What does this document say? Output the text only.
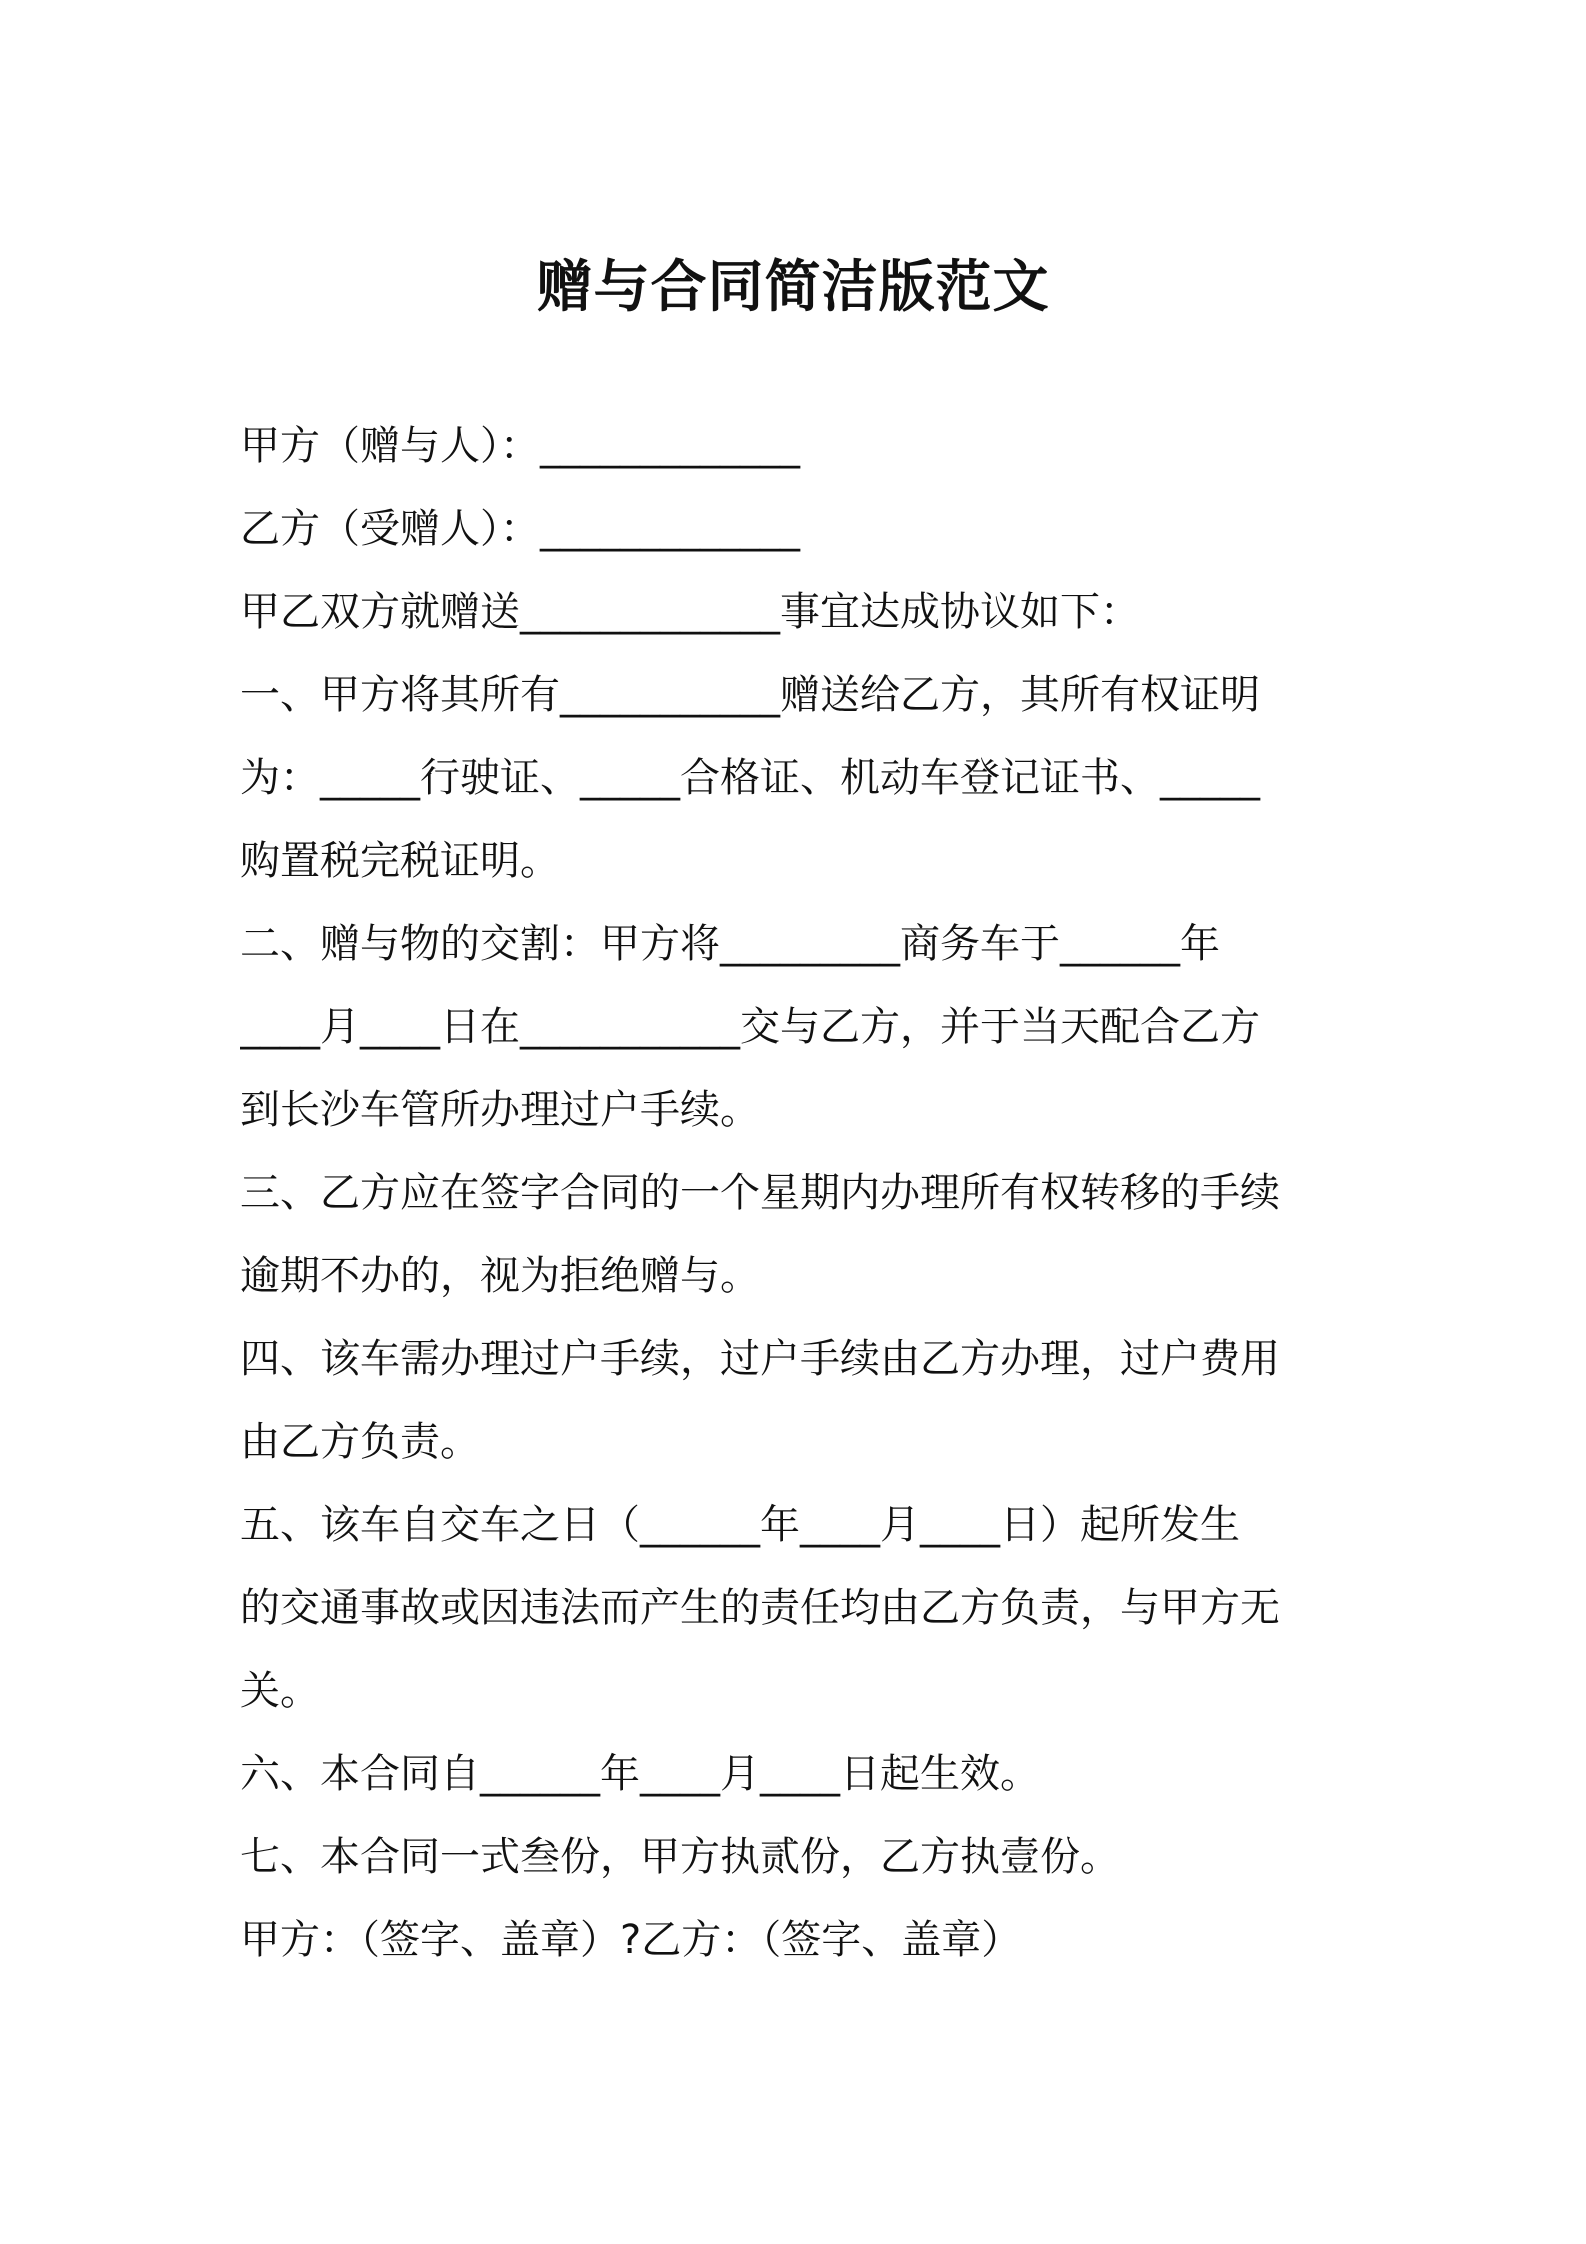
赠与合同简洁版范文
甲方（赠与人）：_____________
乙方（受赠人）：_____________
甲乙双方就赠送_____________事宜达成协议如下：
一、甲方将其所有___________赠送给乙方，其所有权证明
为：_____行驶证、_____合格证、机动车登记证书、_____
购置税完税证明。
二、赠与物的交割：甲方将_________商务车于______年
____月____日在___________交与乙方，并于当天配合乙方
到长沙车管所办理过户手续。
三、乙方应在签字合同的一个星期内办理所有权转移的手续
逾期不办的，视为拒绝赠与。
四、该车需办理过户手续，过户手续由乙方办理，过户费用
由乙方负责。
五、该车自交车之日（______年____月____日）起所发生
的交通事故或因违法而产生的责任均由乙方负责，与甲方无
关。
六、本合同自______年____月____日起生效。
七、本合同一式叁份，甲方执贰份，乙方执壹份。
甲方：（签字、盖章）?乙方：（签字、盖章）
